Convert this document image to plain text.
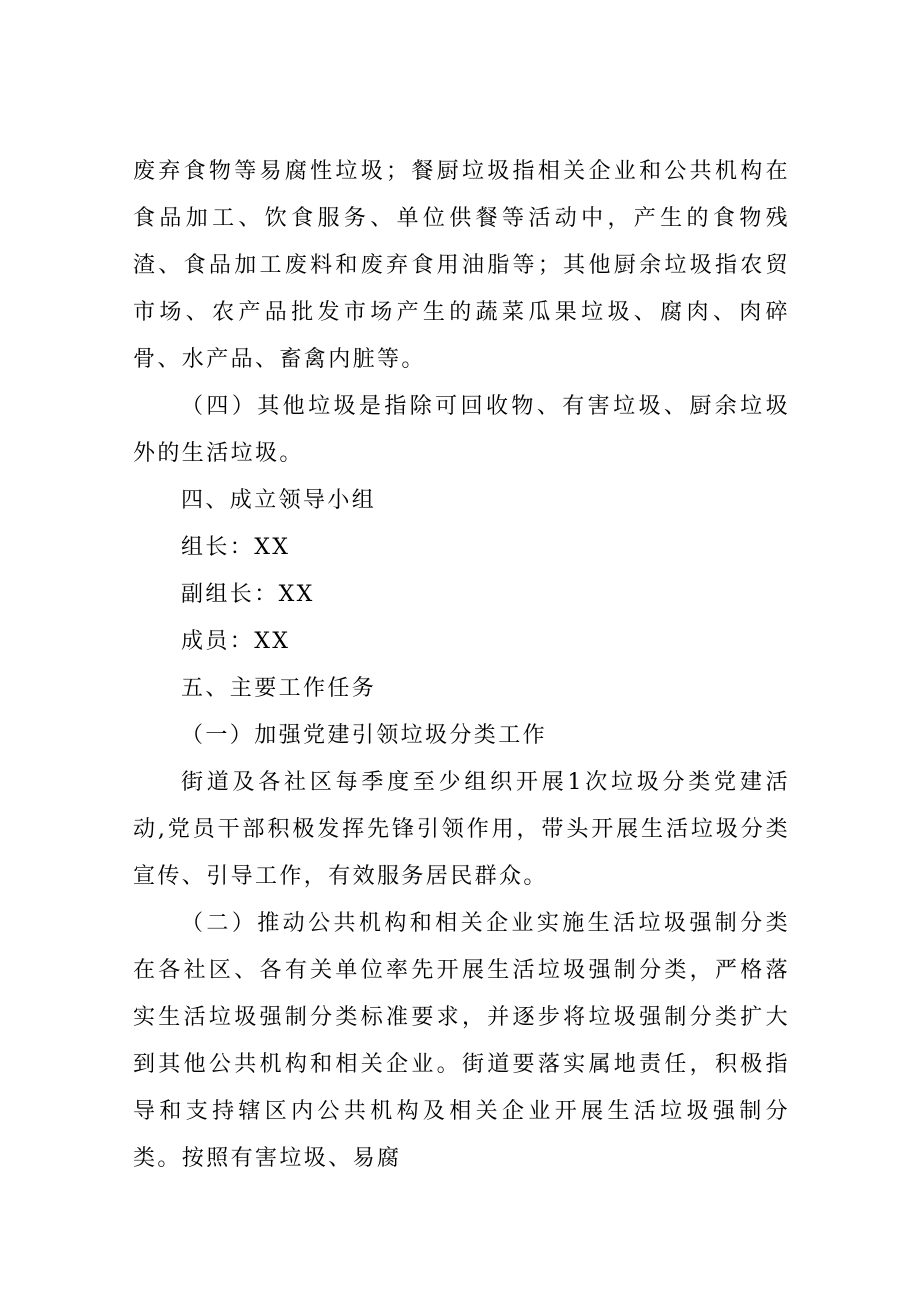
废弃食物等易腐性垃圾；餐厨垃圾指相关企业和公共机构在食品加工、饮食服务、单位供餐等活动中，产生的食物残渣、食品加工废料和废弃食用油脂等；其他厨余垃圾指农贸市场、农产品批发市场产生的蔬菜瓜果垃圾、腐肉、肉碎骨、水产品、畜禽内脏等。

（四）其他垃圾是指除可回收物、有害垃圾、厨余垃圾外的生活垃圾。

四、成立领导小组

组长：XX

副组长：XX

成员：XX

五、主要工作任务

（一）加强党建引领垃圾分类工作

街道及各社区每季度至少组织开展1次垃圾分类党建活动,党员干部积极发挥先锋引领作用，带头开展生活垃圾分类宣传、引导工作，有效服务居民群众。

（二）推动公共机构和相关企业实施生活垃圾强制分类在各社区、各有关单位率先开展生活垃圾强制分类，严格落实生活垃圾强制分类标准要求，并逐步将垃圾强制分类扩大到其他公共机构和相关企业。街道要落实属地责任，积极指导和支持辖区内公共机构及相关企业开展生活垃圾强制分类。按照有害垃圾、易腐
